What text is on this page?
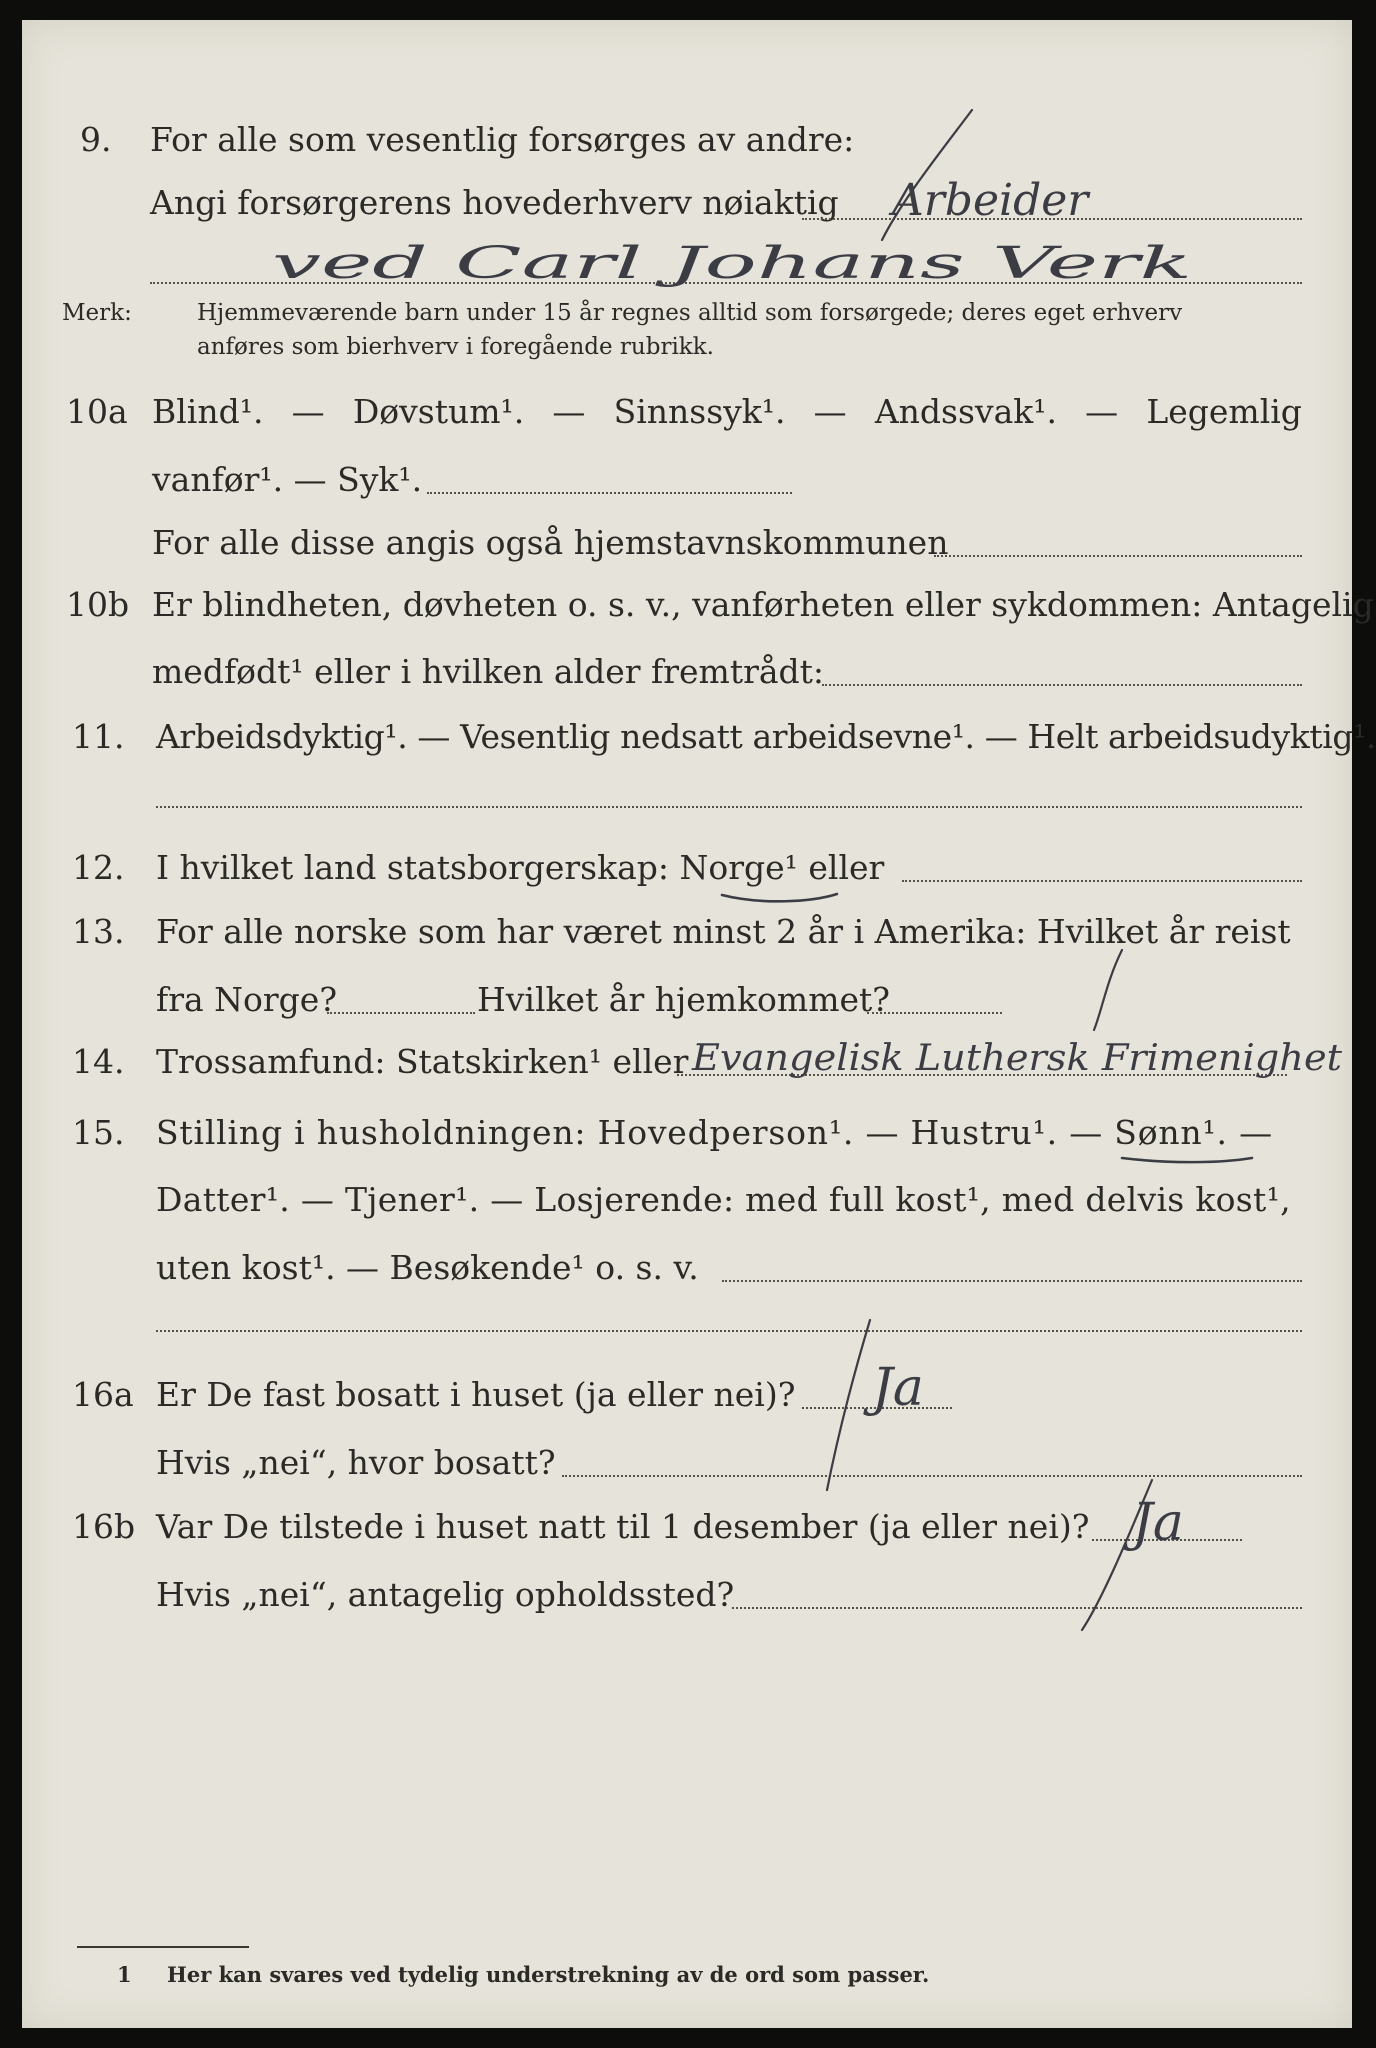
9. For alle som vesentlig forsørges av andre:
Angi forsørgerens hovederhverv nøiaktig
Merk:	Hjemmeværende barn under 15 år regnes alltid som forsørgede; deres eget erhverv
anføres som bierhverv i foregående rubrikk.
10a Blind¹. — Døvstum¹. — Sinnssyk¹. — Andssvak¹. — Legemlig
vanfør¹. — Syk¹.
For alle disse angis også hjemstavnskommunen
10b Er blindheten, døvheten o. s. v., vanførheten eller sykdommen: Antagelig
medfødt¹ eller i hvilken alder fremtrådt:
11. Arbeidsdyktig¹. — Vesentlig nedsatt arbeidsevne¹. — Helt arbeidsudyktig¹.
12. I hvilket land statsborgerskap: Norge¹ eller
13. For alle norske som har været minst 2 år i Amerika: Hvilket år reist
fra Norge?	Hvilket år hjemkommet?
14. Trossamfund: Statskirken¹ eller
15. Stilling i husholdningen: Hovedperson¹. — Hustru¹. — Sønn¹. —
Datter¹. — Tjener¹. — Losjerende: med full kost¹, med delvis kost¹,
uten kost¹. — Besøkende¹ o. s. v.
16a Er De fast bosatt i huset (ja eller nei)?
Hvis „nei“, hvor bosatt?
16b Var De tilstede i huset natt til 1 desember (ja eller nei)?
Hvis „nei“, antagelig opholdssted?
1 Her kan svares ved tydelig understrekning av de ord som passer.
Arbeider
ved Carl Johans Verk
Evangelisk Luthersk Frimenighet
Ja
Ja
